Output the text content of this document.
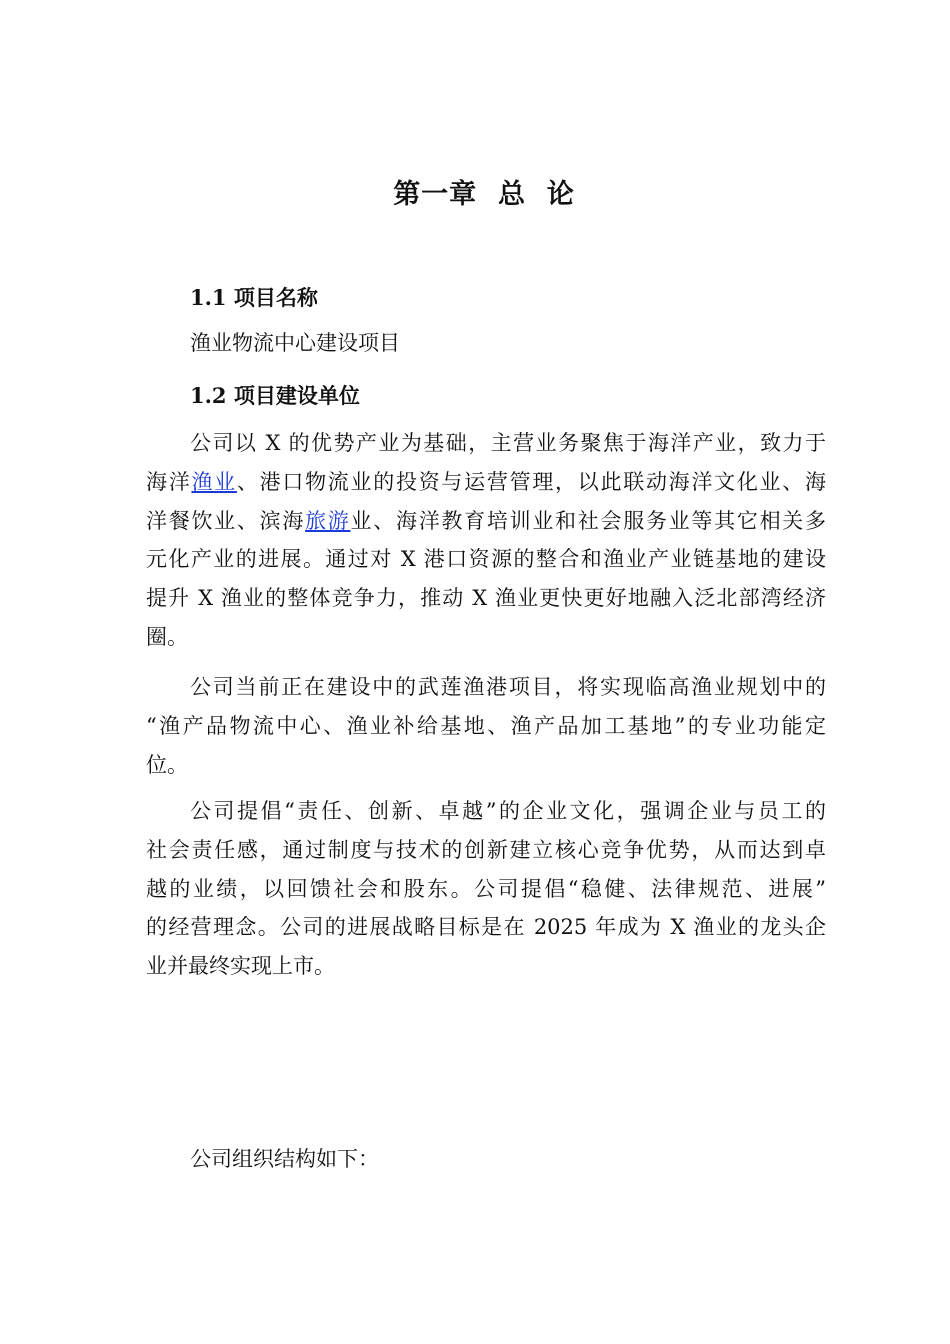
第一章  总  论
1.1 项目名称
渔业物流中心建设项目
1.2 项目建设单位
公司以 X 的优势产业为基础，主营业务聚焦于海洋产业，致力于
海洋渔业、港口物流业的投资与运营管理，以此联动海洋文化业、海
洋餐饮业、滨海旅游业、海洋教育培训业和社会服务业等其它相关多
元化产业的进展。通过对 X 港口资源的整合和渔业产业链基地的建设
提升 X 渔业的整体竞争力，推动 X 渔业更快更好地融入泛北部湾经济
圈。
公司当前正在建设中的武莲渔港项目，将实现临高渔业规划中的
“渔产品物流中心、渔业补给基地、渔产品加工基地”的专业功能定
位。
公司提倡“责任、创新、卓越”的企业文化，强调企业与员工的
社会责任感，通过制度与技术的创新建立核心竞争优势，从而达到卓
越的业绩，以回馈社会和股东。公司提倡“稳健、法律规范、进展”
的经营理念。公司的进展战略目标是在 2025 年成为 X 渔业的龙头企
业并最终实现上市。
公司组织结构如下：
